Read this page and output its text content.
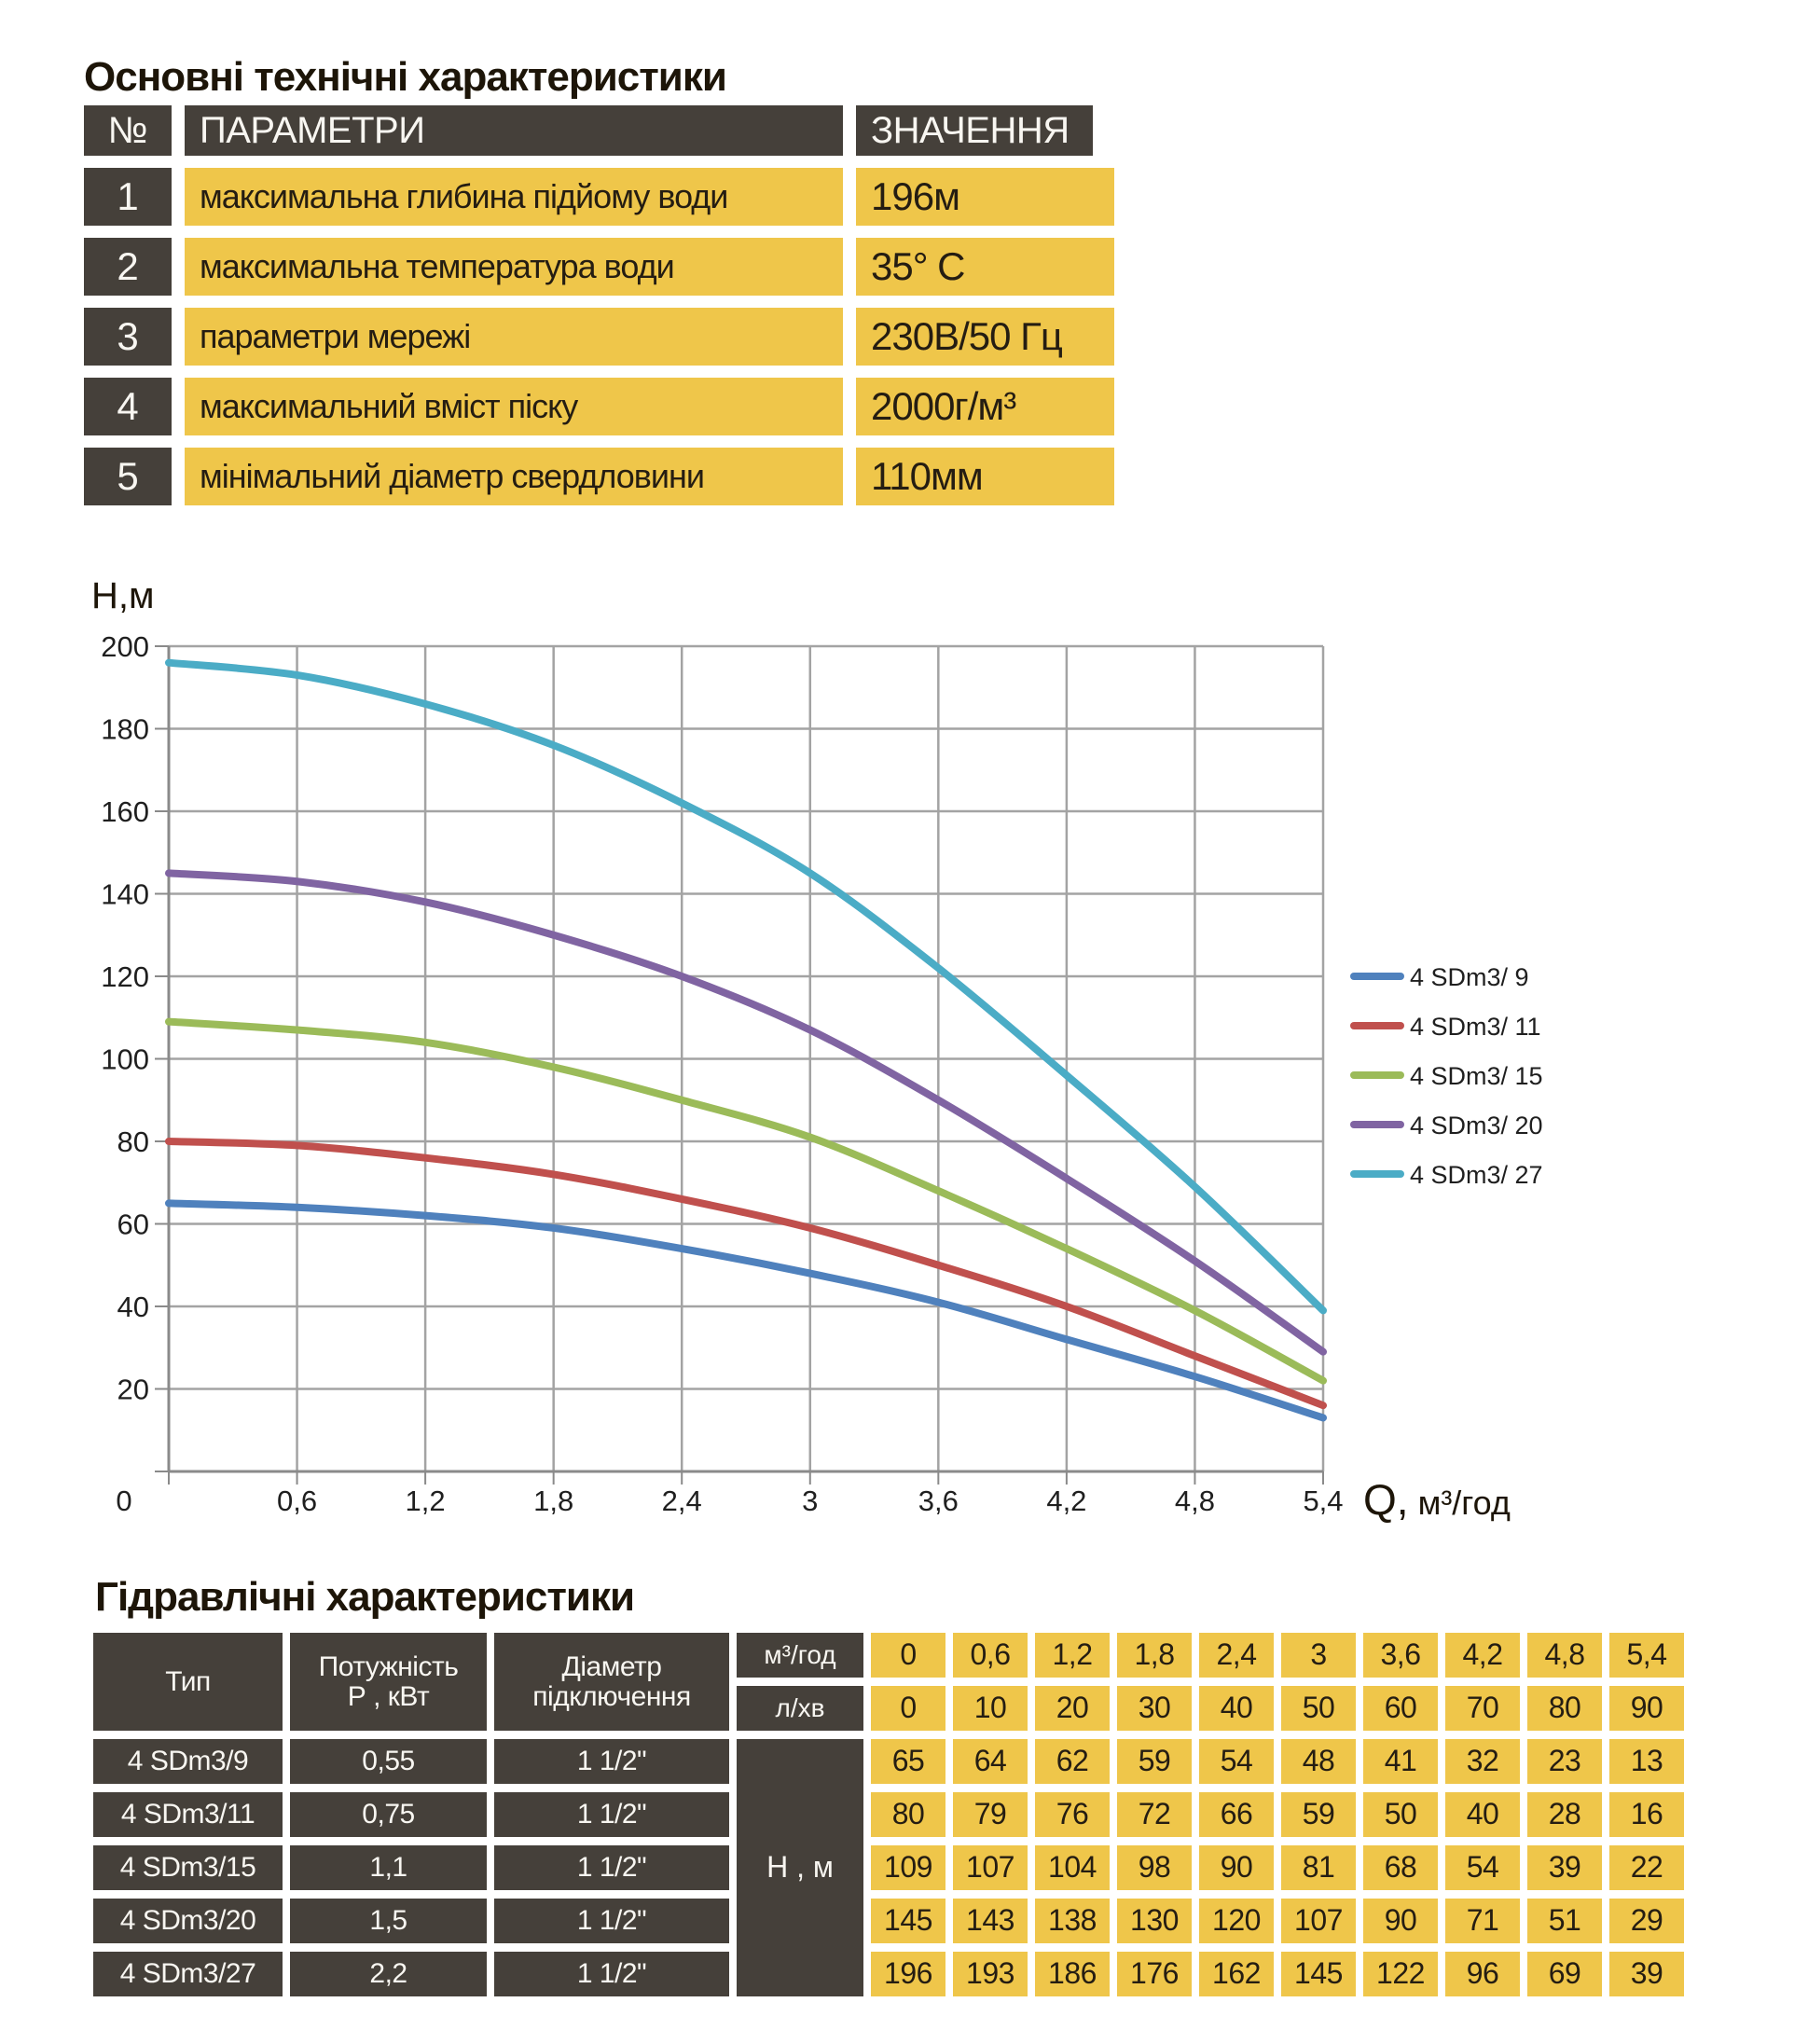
Основні технічні характеристики
№	ПАРАМЕТРИ	ЗНАЧЕННЯ
1	максимальна глибина підйому води	196м
2	максимальна температура води	35° С
3	параметри мережі	230В/50 Гц
4	максимальний вміст піску	2000г/м³
5	мінімальний діаметр свердловини	110мм
20
40
60
80
100
120
140
160
180
200
0	0,6	1,2	1,8	2,4	3	3,6	4,2	4,8	5,4
Н,м
Q, м³/год
4 SDm3/ 9
4 SDm3/ 11
4 SDm3/ 15
4 SDm3/ 20
4 SDm3/ 27
Гідравлічні характеристики
Тип	Потужність
Р , кВт
Діаметр
підключення
м³/год	0	0,6	1,2	1,8	2,4	3	3,6	4,2	4,8	5,4
л/хв	0	10	20	30	40	50	60	70	80	90
Н , м
4 SDm3/9	0,55	1 1/2"	65	64	62	59	54	48	41	32	23	13
4 SDm3/11	0,75	1 1/2"	80	79	76	72	66	59	50	40	28	16
4 SDm3/15	1,1	1 1/2"	109	107	104	98	90	81	68	54	39	22
4 SDm3/20	1,5	1 1/2"	145	143	138	130	120	107	90	71	51	29
4 SDm3/27	2,2	1 1/2"	196	193	186	176	162	145	122	96	69	39
